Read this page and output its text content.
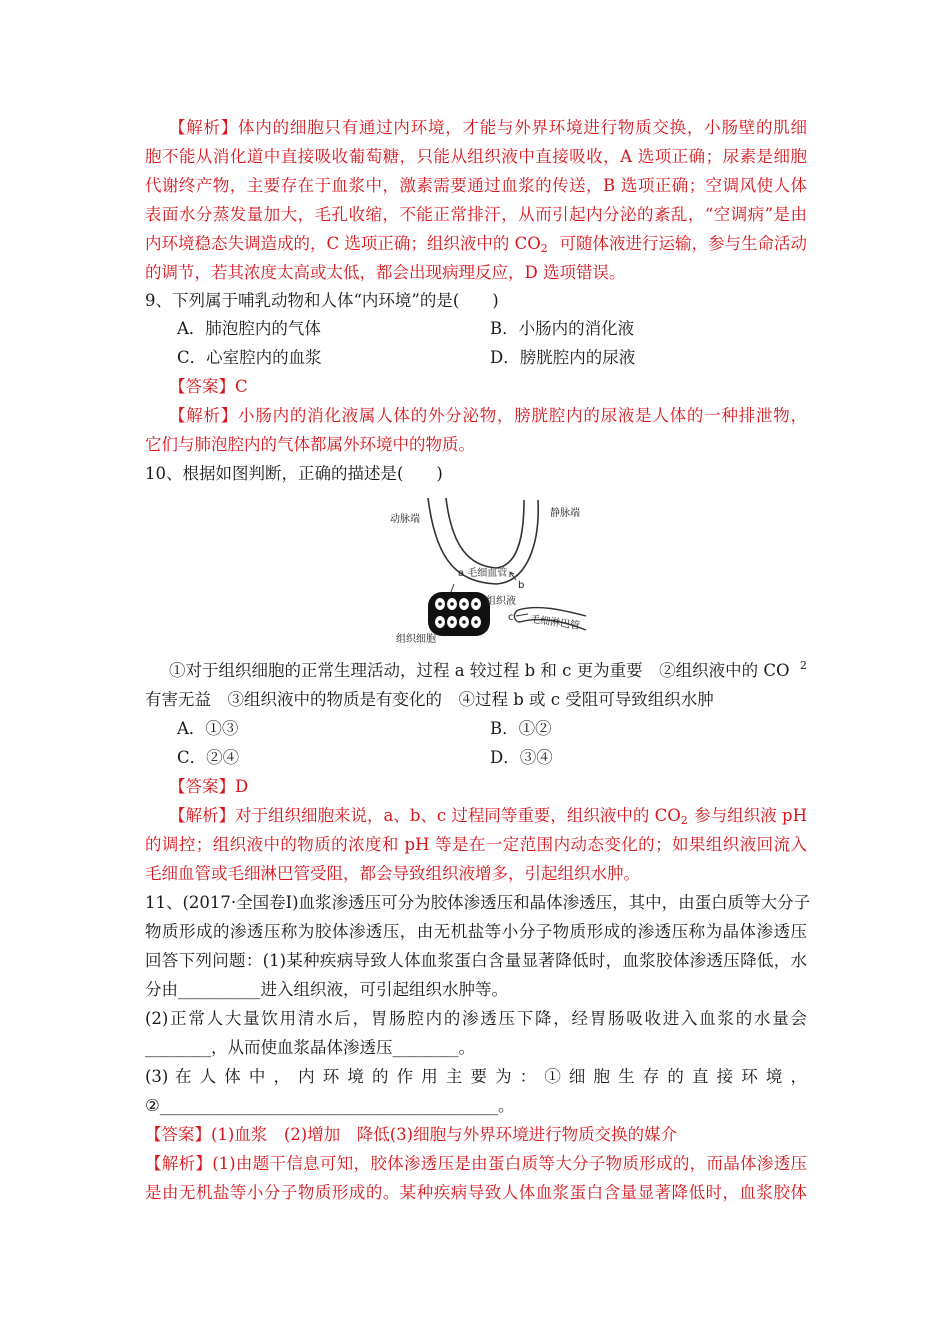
【解析】体内的细胞只有通过内环境，才能与外界环境进行物质交换，小肠壁的肌细
胞不能从消化道中直接吸收葡萄糖，只能从组织液中直接吸收，A 选项正确；尿素是细胞
代谢终产物，主要存在于血浆中，激素需要通过血浆的传送，B 选项正确；空调风使人体
表面水分蒸发量加大，毛孔收缩，不能正常排汗，从而引起内分泌的紊乱，“空调病”是由
内环境稳态失调造成的，C 选项正确；组织液中的 $CO_2$ 可随体液进行运输，参与生命活动
的调节，若其浓度太高或太低，都会出现病理反应，D 选项错误。
9、下列属于哺乳动物和人体“内环境”的是(　　)
A．肺泡腔内的气体	B．小肠内的消化液
C．心室腔内的血浆	D．膀胱腔内的尿液
【答案】C
【解析】小肠内的消化液属人体的外分泌物，膀胱腔内的尿液是人体的一种排泄物，
它们与肺泡腔内的气体都属外环境中的物质。
10、根据如图判断，正确的描述是(　　)
动脉端
静脉端
a 毛细血管
b
组织液
c 毛细淋巴管
组织细胞
①对于组织细胞的正常生理活动，过程 a 较过程 b 和 c 更为重要　②组织液中的 CO 2
有害无益　③组织液中的物质是有变化的　④过程 b 或 c 受阻可导致组织水肿
A．①③	B．①②
C．②④	D．③④
【答案】D
【解析】对于组织细胞来说，a、b、c 过程同等重要，组织液中的 $CO_2$ 参与组织液 pH
的调控；组织液中的物质的浓度和 pH 等是在一定范围内动态变化的；如果组织液回流入
毛细血管或毛细淋巴管受阻，都会导致组织液增多，引起组织水肿。
11、(2017·全国卷Ⅰ)血浆渗透压可分为胶体渗透压和晶体渗透压，其中，由蛋白质等大分子
物质形成的渗透压称为胶体渗透压，由无机盐等小分子物质形成的渗透压称为晶体渗透压
回答下列问题：(1)某种疾病导致人体血浆蛋白含量显著降低时，血浆胶体渗透压降低，水
分由__________进入组织液，可引起组织水肿等。
(2)正常人大量饮用清水后，胃肠腔内的渗透压下降，经胃肠吸收进入血浆的水量会
________，从而使血浆晶体渗透压________。
(3) 在 人 体 中 ， 内 环 境 的 作 用 主 要 为 ： ① 细 胞 生 存 的 直 接 环 境 ，
②_________________________________________。
【答案】(1)血浆　(2)增加　降低(3)细胞与外界环境进行物质交换的媒介
【解析】(1)由题干信息可知，胶体渗透压是由蛋白质等大分子物质形成的，而晶体渗透压
是由无机盐等小分子物质形成的。某种疾病导致人体血浆蛋白含量显著降低时，血浆胶体
